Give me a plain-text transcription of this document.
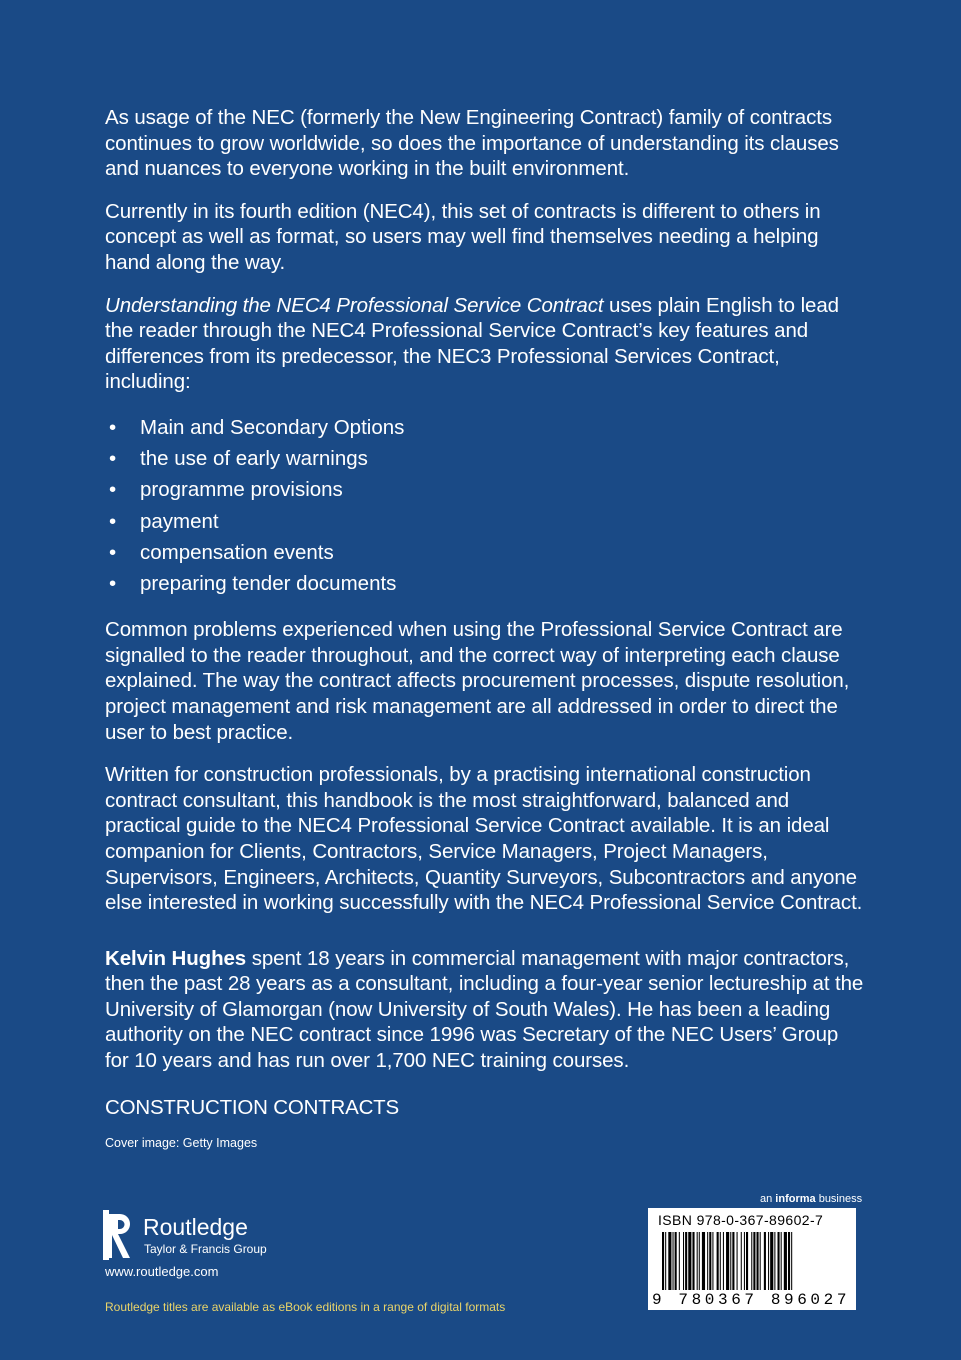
As usage of the NEC (formerly the New Engineering Contract) family of contracts continues to grow worldwide, so does the importance of understanding its clauses and nuances to everyone working in the built environment.

Currently in its fourth edition (NEC4), this set of contracts is different to others in concept as well as format, so users may well find themselves needing a helping hand along the way.

Understanding the NEC4 Professional Service Contract uses plain English to lead the reader through the NEC4 Professional Service Contract’s key features and differences from its predecessor, the NEC3 Professional Services Contract, including:

• Main and Secondary Options
• the use of early warnings
• programme provisions
• payment
• compensation events
• preparing tender documents

Common problems experienced when using the Professional Service Contract are signalled to the reader throughout, and the correct way of interpreting each clause explained. The way the contract affects procurement processes, dispute resolution, project management and risk management are all addressed in order to direct the user to best practice.

Written for construction professionals, by a practising international construction contract consultant, this handbook is the most straightforward, balanced and practical guide to the NEC4 Professional Service Contract available. It is an ideal companion for Clients, Contractors, Service Managers, Project Managers, Supervisors, Engineers, Architects, Quantity Surveyors, Subcontractors and anyone else interested in working successfully with the NEC4 Professional Service Contract.

Kelvin Hughes spent 18 years in commercial management with major contractors, then the past 28 years as a consultant, including a four-year senior lectureship at the University of Glamorgan (now University of South Wales). He has been a leading authority on the NEC contract since 1996 was Secretary of the NEC Users’ Group for 10 years and has run over 1,700 NEC training courses.

CONSTRUCTION CONTRACTS
Cover image: Getty Images
Routledge
Taylor & Francis Group
www.routledge.com
Routledge titles are available as eBook editions in a range of digital formats
an informa business
ISBN 978-0-367-89602-7
9 780367 896027
